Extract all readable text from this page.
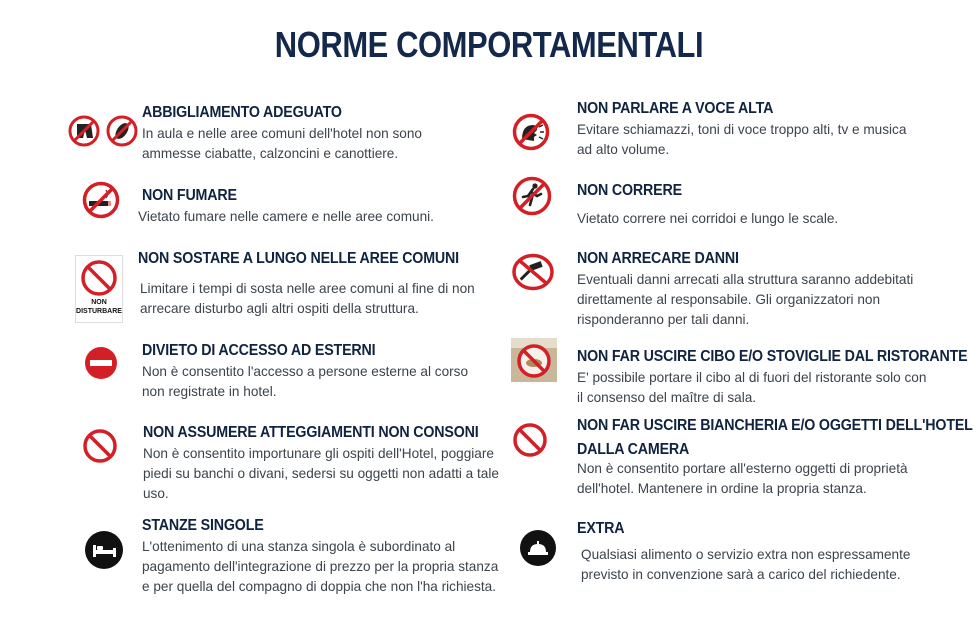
NORME COMPORTAMENTALI
ABBIGLIAMENTO ADEGUATO

In aula e nelle aree comuni dell'hotel non sono ammesse ciabatte, calzoncini e canottiere.

NON FUMARE

Vietato fumare nelle camere e nelle aree comuni.

NON
DISTURBARE
NON SOSTARE A LUNGO NELLE AREE COMUNI

Limitare i tempi di sosta nelle aree comuni al fine di non arrecare disturbo agli altri ospiti della struttura.

DIVIETO DI ACCESSO AD ESTERNI

Non è consentito l'accesso a persone esterne al corso non registrate in hotel.

NON ASSUMERE ATTEGGIAMENTI NON CONSONI

Non è consentito importunare gli ospiti dell'Hotel, poggiare piedi su banchi o divani, sedersi su oggetti non adatti a tale uso.

STANZE SINGOLE

L'ottenimento di una stanza singola è subordinato al pagamento dell'integrazione di prezzo per la propria stanza e per quella del compagno di doppia che non l'ha richiesta.

NON PARLARE A VOCE ALTA

Evitare schiamazzi, toni di voce troppo alti, tv e musica ad alto volume.

NON CORRERE

Vietato correre nei corridoi e lungo le scale.

NON ARRECARE DANNI

Eventuali danni arrecati alla struttura saranno addebitati direttamente al responsabile. Gli organizzatori non risponderanno per tali danni.

NON FAR USCIRE CIBO E/O STOVIGLIE DAL RISTORANTE

E' possibile portare il cibo al di fuori del ristorante solo con il consenso del maître di sala.

NON FAR USCIRE BIANCHERIA E/O OGGETTI DELL'HOTEL
DALLA CAMERA

Non è consentito portare all'esterno oggetti di proprietà dell'hotel. Mantenere in ordine la propria stanza.

EXTRA

Qualsiasi alimento o servizio extra non espressamente previsto in convenzione sarà a carico del richiedente.
